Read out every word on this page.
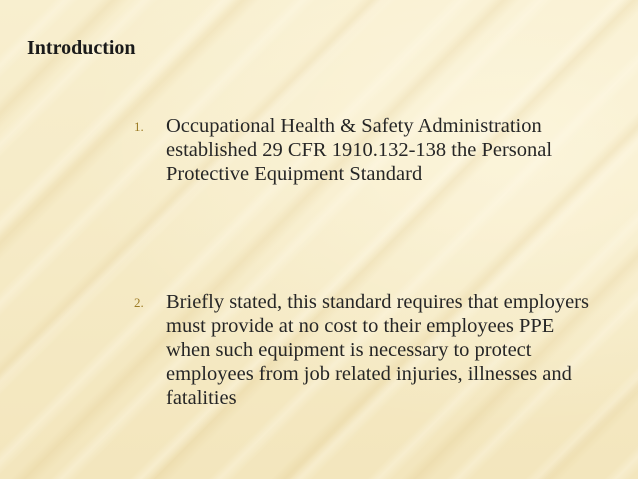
Introduction
1.	Occupational Health & Safety Administration established 29 CFR 1910.132-138 the Personal Protective Equipment Standard
2.	Briefly stated, this standard requires that employers must provide at no cost to their employees PPE when such equipment is necessary to protect employees from job related injuries, illnesses and fatalities
